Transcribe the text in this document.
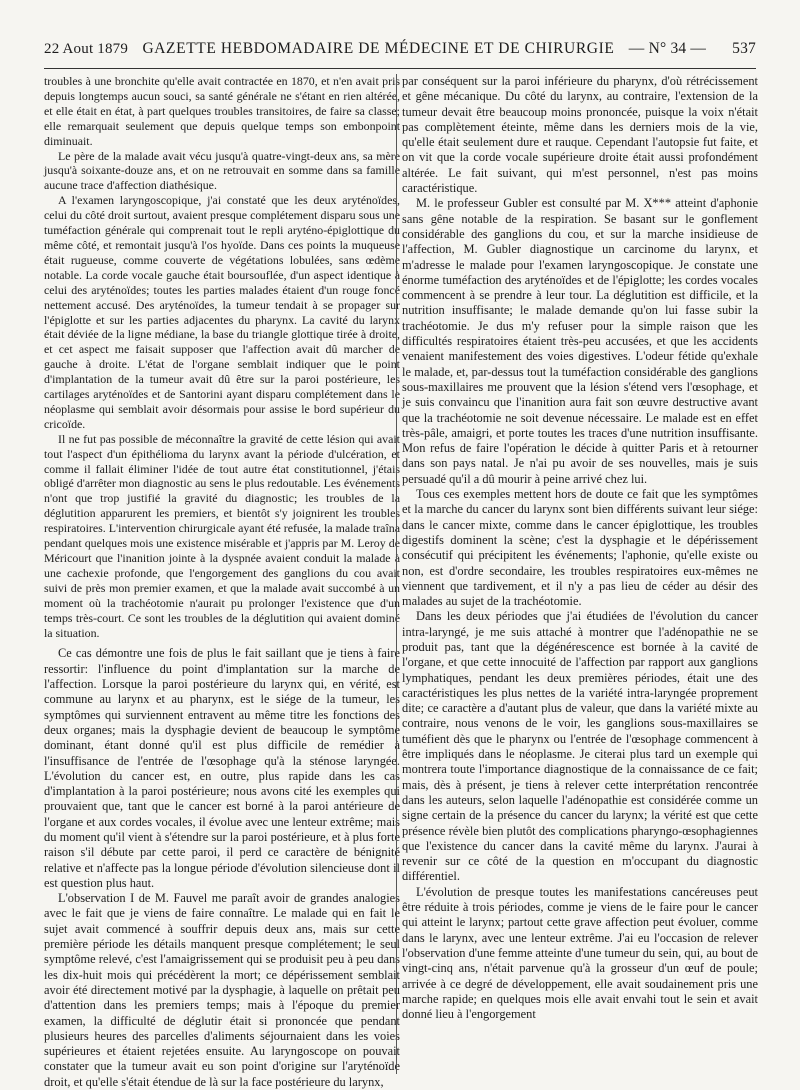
22 Aout 1879 GAZETTE HEBDOMADAIRE DE MÉDECINE ET DE CHIRURGIE — N° 34 — 537

troubles à une bronchite qu'elle avait contractée en 1870, et n'en avait pris depuis longtemps aucun souci, sa santé générale ne s'étant en rien altérée, et elle était en état, à part quelques troubles transitoires, de faire sa classe; elle remarquait seulement que depuis quelque temps son embonpoint diminuait.

Le père de la malade avait vécu jusqu'à quatre-vingt-deux ans, sa mère jusqu'à soixante-douze ans, et on ne retrouvait en somme dans sa famille aucune trace d'affection diathésique.

A l'examen laryngoscopique, j'ai constaté que les deux aryténoïdes, celui du côté droit surtout, avaient presque complétement disparu sous une tuméfaction générale qui comprenait tout le repli aryténo-épiglottique du même côté, et remontait jusqu'à l'os hyoïde. Dans ces points la muqueuse était rugueuse, comme couverte de végétations lobulées, sans œdème notable. La corde vocale gauche était boursouflée, d'un aspect identique à celui des aryténoïdes; toutes les parties malades étaient d'un rouge foncé nettement accusé. Des aryténoïdes, la tumeur tendait à se propager sur l'épiglotte et sur les parties adjacentes du pharynx. La cavité du larynx était déviée de la ligne médiane, la base du triangle glottique tirée à droite, et cet aspect me faisait supposer que l'affection avait dû marcher de gauche à droite. L'état de l'organe semblait indiquer que le point d'implantation de la tumeur avait dû être sur la paroi postérieure, les cartilages aryténoïdes et de Santorini ayant disparu complétement dans le néoplasme qui semblait avoir désormais pour assise le bord supérieur du cricoïde.

Il ne fut pas possible de méconnaître la gravité de cette lésion qui avait tout l'aspect d'un épithélioma du larynx avant la période d'ulcération, et comme il fallait éliminer l'idée de tout autre état constitutionnel, j'étais obligé d'arrêter mon diagnostic au sens le plus redoutable. Les événements n'ont que trop justifié la gravité du diagnostic; les troubles de la déglutition apparurent les premiers, et bientôt s'y joignirent les troubles respiratoires. L'intervention chirurgicale ayant été refusée, la malade traîna pendant quelques mois une existence misérable et j'appris par M. Leroy de Méricourt que l'inanition jointe à la dyspnée avaient conduit la malade à une cachexie profonde, que l'engorgement des ganglions du cou avait suivi de près mon premier examen, et que la malade avait succombé à un moment où la trachéotomie n'aurait pu prolonger l'existence que d'un temps très-court. Ce sont les troubles de la déglutition qui avaient dominé la situation.

Ce cas démontre une fois de plus le fait saillant que je tiens à faire ressortir: l'influence du point d'implantation sur la marche de l'affection. Lorsque la paroi postérieure du larynx qui, en vérité, est commune au larynx et au pharynx, est le siége de la tumeur, les symptômes qui surviennent entravent au même titre les fonctions des deux organes; mais la dysphagie devient de beaucoup le symptôme dominant, étant donné qu'il est plus difficile de remédier à l'insuffisance de l'entrée de l'œsophage qu'à la sténose laryngée. L'évolution du cancer est, en outre, plus rapide dans les cas d'implantation à la paroi postérieure; nous avons cité les exemples qui prouvaient que, tant que le cancer est borné à la paroi antérieure de l'organe et aux cordes vocales, il évolue avec une lenteur extrême; mais du moment qu'il vient à s'étendre sur la paroi postérieure, et à plus forte raison s'il débute par cette paroi, il perd ce caractère de bénignité relative et n'affecte pas la longue période d'évolution silencieuse dont il est question plus haut.

L'observation I de M. Fauvel me paraît avoir de grandes analogies avec le fait que je viens de faire connaître. Le malade qui en fait le sujet avait commencé à souffrir depuis deux ans, mais sur cette première période les détails manquent presque complétement; le seul symptôme relevé, c'est l'amaigrissement qui se produisit peu à peu dans les dix-huit mois qui précédèrent la mort; ce dépérissement semblait avoir été directement motivé par la dysphagie, à laquelle on prêtait peu d'attention dans les premiers temps; mais à l'époque du premier examen, la difficulté de déglutir était si prononcée que pendant plusieurs heures des parcelles d'aliments séjournaient dans les voies supérieures et étaient rejetées ensuite. Au laryngoscope on pouvait constater que la tumeur avait eu son point d'origine sur l'aryténoïde droit, et qu'elle s'était étendue de là sur la face postérieure du larynx,

par conséquent sur la paroi inférieure du pharynx, d'où rétrécissement et gêne mécanique. Du côté du larynx, au contraire, l'extension de la tumeur devait être beaucoup moins prononcée, puisque la voix n'était pas complètement éteinte, même dans les derniers mois de la vie, qu'elle était seulement dure et rauque. Cependant l'autopsie fut faite, et on vit que la corde vocale supérieure droite était aussi profondément altérée. Le fait suivant, qui m'est personnel, n'est pas moins caractéristique.

M. le professeur Gubler est consulté par M. X*** atteint d'aphonie sans gêne notable de la respiration. Se basant sur le gonflement considérable des ganglions du cou, et sur la marche insidieuse de l'affection, M. Gubler diagnostique un carcinome du larynx, et m'adresse le malade pour l'examen laryngoscopique. Je constate une énorme tuméfaction des aryténoïdes et de l'épiglotte; les cordes vocales commencent à se prendre à leur tour. La déglutition est difficile, et la nutrition insuffisante; le malade demande qu'on lui fasse subir la trachéotomie. Je dus m'y refuser pour la simple raison que les difficultés respiratoires étaient très-peu accusées, et que les accidents venaient manifestement des voies digestives. L'odeur fétide qu'exhale le malade, et, par-dessus tout la tuméfaction considérable des ganglions sous-maxillaires me prouvent que la lésion s'étend vers l'œsophage, et je suis convaincu que l'inanition aura fait son œuvre destructive avant que la trachéotomie ne soit devenue nécessaire. Le malade est en effet très-pâle, amaigri, et porte toutes les traces d'une nutrition insuffisante. Mon refus de faire l'opération le décide à quitter Paris et à retourner dans son pays natal. Je n'ai pu avoir de ses nouvelles, mais je suis persuadé qu'il a dû mourir à peine arrivé chez lui.

Tous ces exemples mettent hors de doute ce fait que les symptômes et la marche du cancer du larynx sont bien différents suivant leur siége: dans le cancer mixte, comme dans le cancer épiglottique, les troubles digestifs dominent la scène; c'est la dysphagie et le dépérissement consécutif qui précipitent les événements; l'aphonie, qu'elle existe ou non, est d'ordre secondaire, les troubles respiratoires eux-mêmes ne viennent que tardivement, et il n'y a pas lieu de céder au désir des malades au sujet de la trachéotomie.

Dans les deux périodes que j'ai étudiées de l'évolution du cancer intra-laryngé, je me suis attaché à montrer que l'adénopathie ne se produit pas, tant que la dégénérescence est bornée à la cavité de l'organe, et que cette innocuité de l'affection par rapport aux ganglions lymphatiques, pendant les deux premières périodes, était une des caractéristiques les plus nettes de la variété intra-laryngée proprement dite; ce caractère a d'autant plus de valeur, que dans la variété mixte au contraire, nous venons de le voir, les ganglions sous-maxillaires se tuméfient dès que le pharynx ou l'entrée de l'œsophage commencent à être impliqués dans le néoplasme. Je citerai plus tard un exemple qui montrera toute l'importance diagnostique de la connaissance de ce fait; mais, dès à présent, je tiens à relever cette interprétation rencontrée dans les auteurs, selon laquelle l'adénopathie est considérée comme un signe certain de la présence du cancer du larynx; la vérité est que cette présence révèle bien plutôt des complications pharyngo-œsophagiennes que l'existence du cancer dans la cavité même du larynx. J'aurai à revenir sur ce côté de la question en m'occupant du diagnostic différentiel.

L'évolution de presque toutes les manifestations cancéreuses peut être réduite à trois périodes, comme je viens de le faire pour le cancer qui atteint le larynx; partout cette grave affection peut évoluer, comme dans le larynx, avec une lenteur extrême. J'ai eu l'occasion de relever l'observation d'une femme atteinte d'une tumeur du sein, qui, au bout de vingt-cinq ans, n'était parvenue qu'à la grosseur d'un œuf de poule; arrivée à ce degré de développement, elle avait soudainement pris une marche rapide; en quelques mois elle avait envahi tout le sein et avait donné lieu à l'engorgement
